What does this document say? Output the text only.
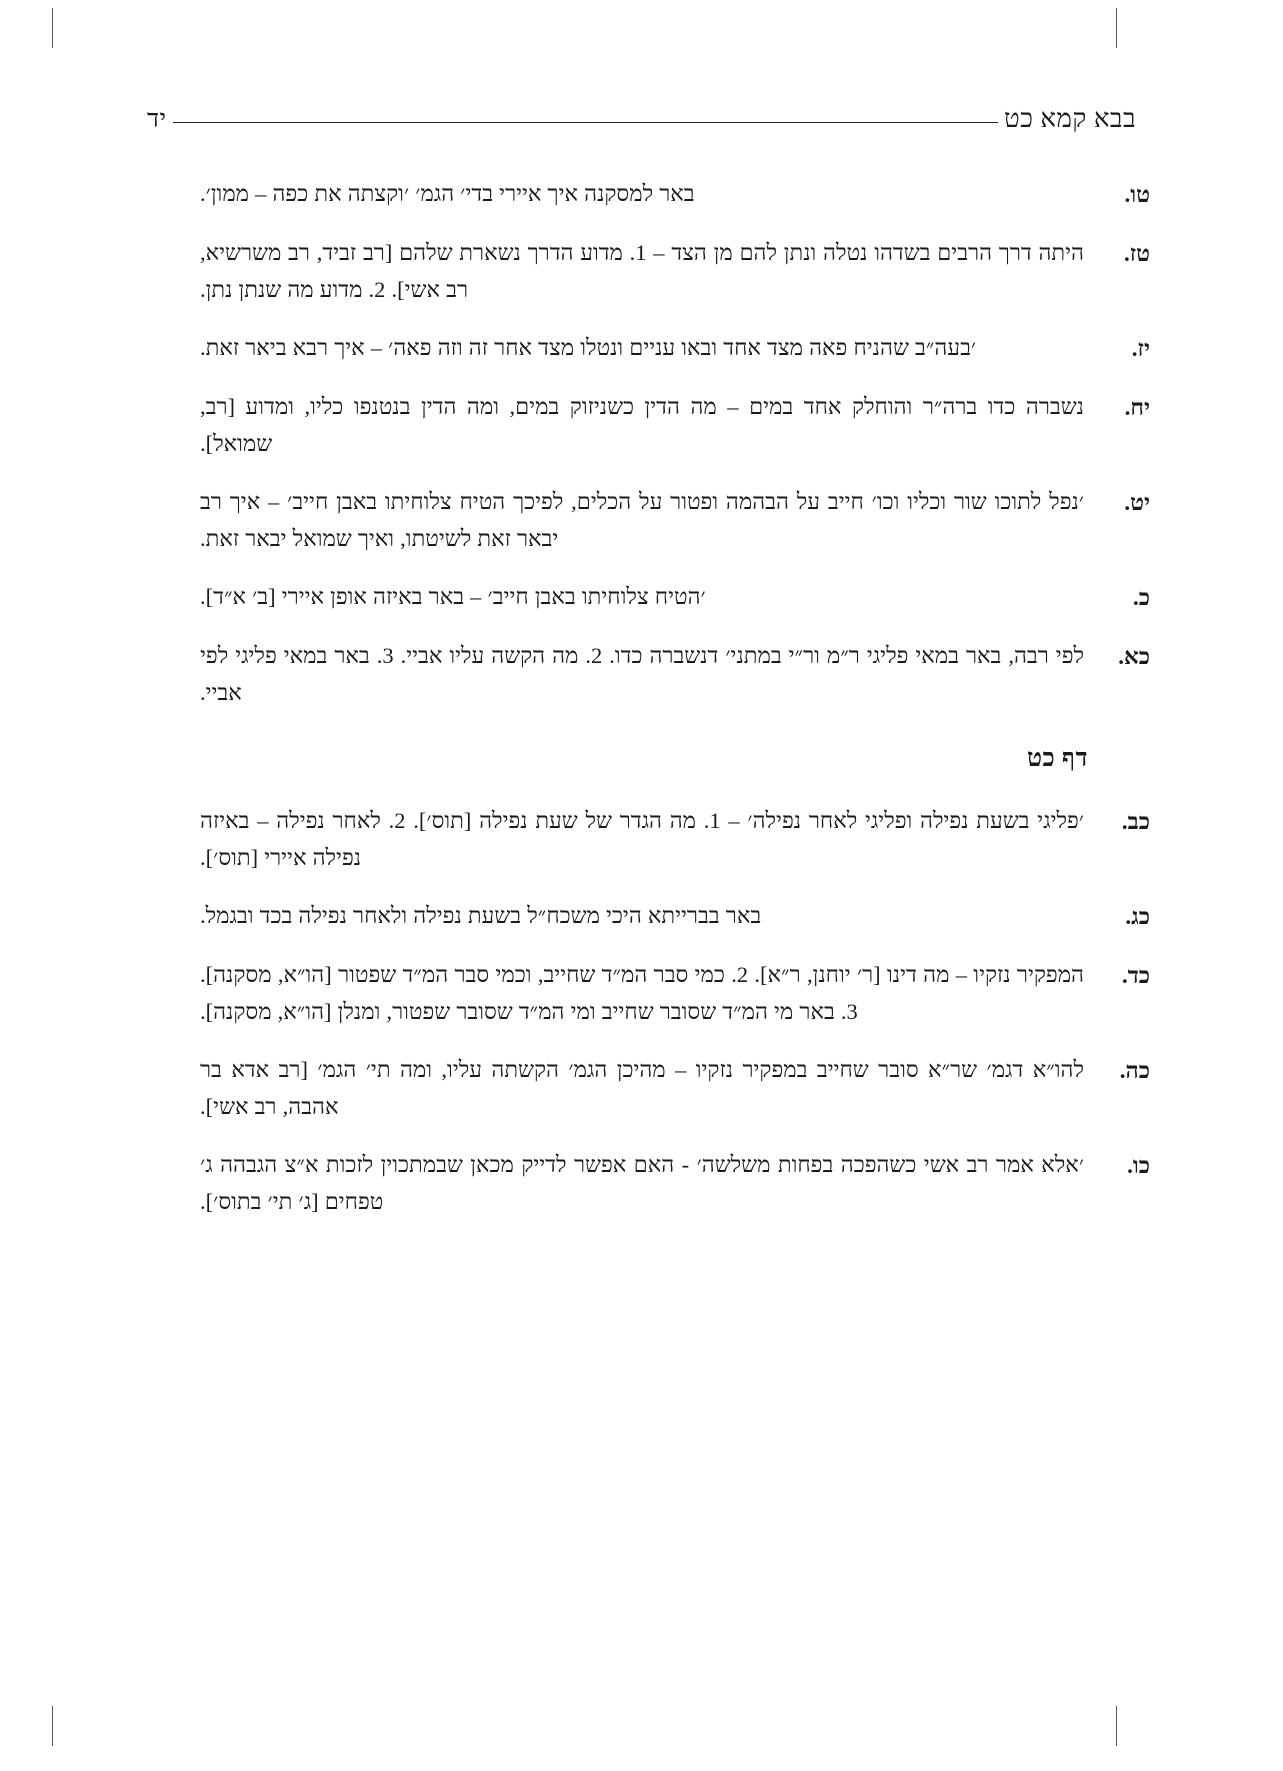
בבא קמא כט
יד
טו.
באר למסקנה איך איירי בדי׳ הגמ׳ ׳וקצתה את כפה – ממון׳.
טז.
היתה דרך הרבים בשדהו נטלה ונתן להם מן הצד – 1. מדוע הדרך נשארת שלהם [רב זביד, רב משרשיא, רב אשי]. 2. מדוע מה שנתן נתן.
יז.
׳בעה״ב שהניח פאה מצד אחד ובאו עניים ונטלו מצד אחר זה וזה פאה׳ – איך רבא ביאר זאת.
יח.
נשברה כדו ברה״ר והוחלק אחד במים – מה הדין כשניזוק במים, ומה הדין בנטנפו כליו, ומדוע [רב, שמואל].
יט.
׳נפל לתוכו שור וכליו וכו׳ חייב על הבהמה ופטור על הכלים, לפיכך הטיח צלוחיתו באבן חייב׳ – איך רב יבאר זאת לשיטתו, ואיך שמואל יבאר זאת.
כ.
׳הטיח צלוחיתו באבן חייב׳ – באר באיזה אופן איירי [ב׳ א״ד].
כא.
לפי רבה, באר במאי פליגי ר״מ ור״י במתני׳ דנשברה כדו. 2. מה הקשה עליו אביי. 3. באר במאי פליגי לפי אביי.
דף כט
כב.
׳פליגי בשעת נפילה ופליגי לאחר נפילה׳ – 1. מה הגדר של שעת נפילה [תוס׳]. 2. לאחר נפילה – באיזה נפילה איירי [תוס׳].
כג.
באר בברייתא היכי משכח״ל בשעת נפילה ולאחר נפילה בכד ובגמל.
כד.
המפקיר נזקיו – מה דינו [ר׳ יוחנן, ר״א]. 2. כמי סבר המ״ד שחייב, וכמי סבר המ״ד שפטור [הו״א, מסקנה]. 3. באר מי המ״ד שסובר שחייב ומי המ״ד שסובר שפטור, ומנלן [הו״א, מסקנה].
כה.
להו״א דגמ׳ שר״א סובר שחייב במפקיר נזקיו – מהיכן הגמ׳ הקשתה עליו, ומה תי׳ הגמ׳ [רב אדא בר אהבה, רב אשי].
כו.
׳אלא אמר רב אשי כשהפכה בפחות משלשה׳ - האם אפשר לדייק מכאן שבמתכוין לזכות א״צ הגבהה ג׳ טפחים [ג׳ תי׳ בתוס׳].
